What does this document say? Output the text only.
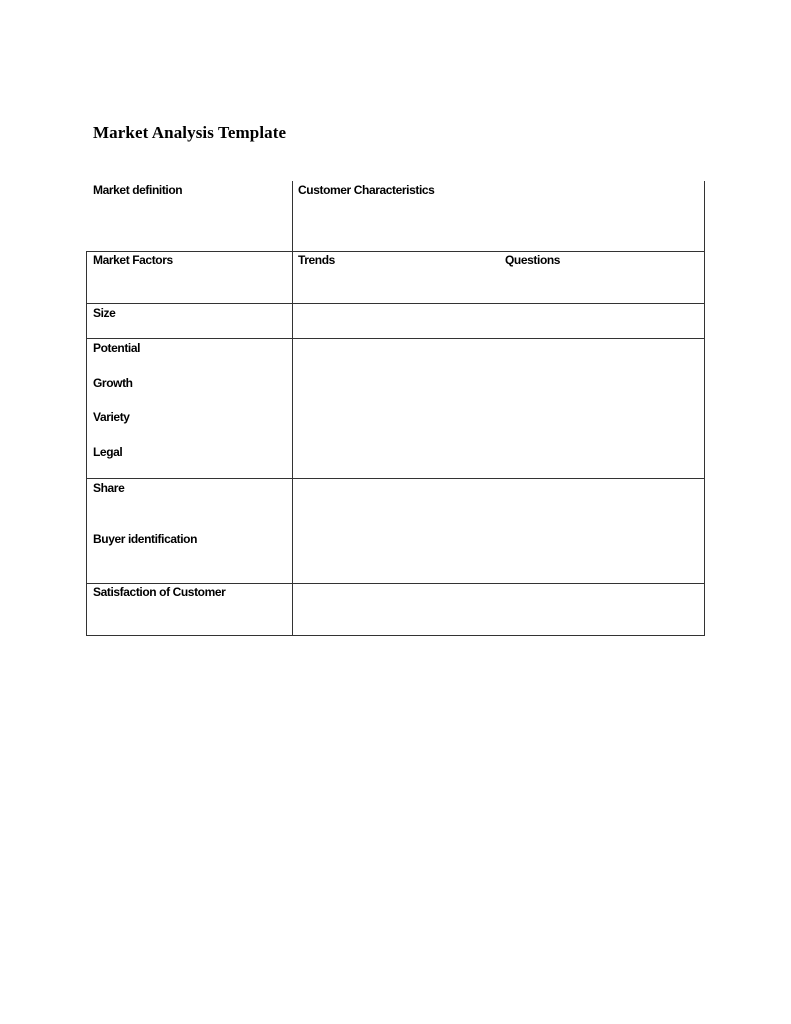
Market Analysis Template
Market definition	Customer Characteristics
Market Factors	Trends	Questions
Size
Potential
Growth
Variety
Legal
Share
Buyer identification
Satisfaction of Customer
